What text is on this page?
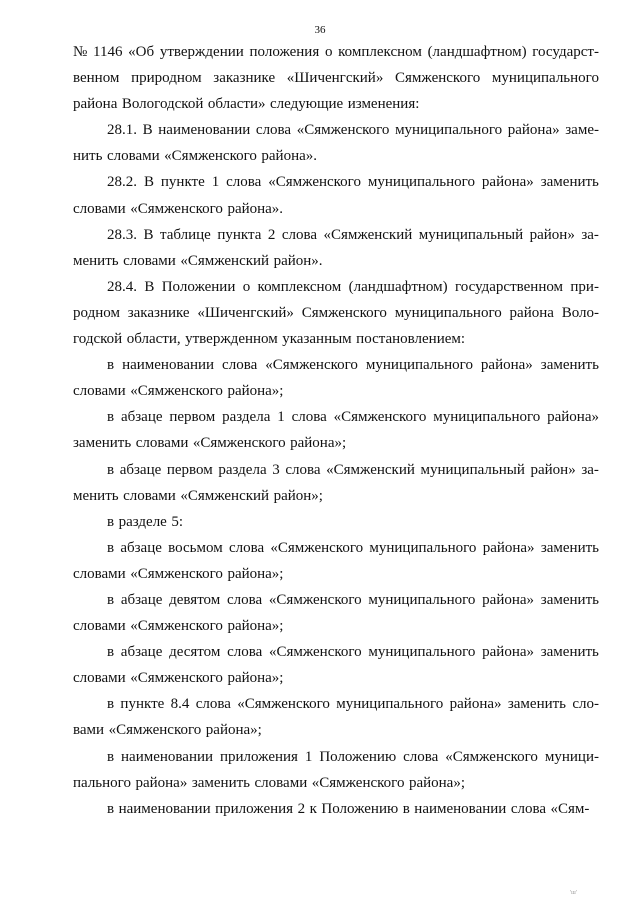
36
№ 1146 «Об утверждении положения о комплексном (ландшафтном) государст-
венном природном заказнике «Шиченгский» Сямженского муниципального
района Вологодской области» следующие изменения:
28.1. В наименовании слова «Сямженского муниципального района» заме-
нить словами «Сямженского района».
28.2. В пункте 1 слова «Сямженского муниципального района» заменить
словами «Сямженского района».
28.3. В таблице пункта 2 слова «Сямженский муниципальный район» за-
менить словами «Сямженский район».
28.4. В Положении о комплексном (ландшафтном) государственном при-
родном заказнике «Шиченгский» Сямженского муниципального района Воло-
годской области, утвержденном указанным постановлением:
в наименовании слова «Сямженского муниципального района» заменить
словами «Сямженского района»;
в абзаце первом раздела 1 слова «Сямженского муниципального района»
заменить словами «Сямженского района»;
в абзаце первом раздела 3 слова «Сямженский муниципальный район» за-
менить словами «Сямженский район»;
в разделе 5:
в абзаце восьмом слова «Сямженского муниципального района» заменить
словами «Сямженского района»;
в абзаце девятом слова «Сямженского муниципального района» заменить
словами «Сямженского района»;
в абзаце десятом слова «Сямженского муниципального района» заменить
словами «Сямженского района»;
в пункте 8.4 слова «Сямженского муниципального района» заменить сло-
вами «Сямженского района»;
в наименовании приложения 1 Положению слова «Сямженского муници-
пального района» заменить словами «Сямженского района»;
в наименовании приложения 2 к Положению в наименовании слова «Сям-
'ш'
